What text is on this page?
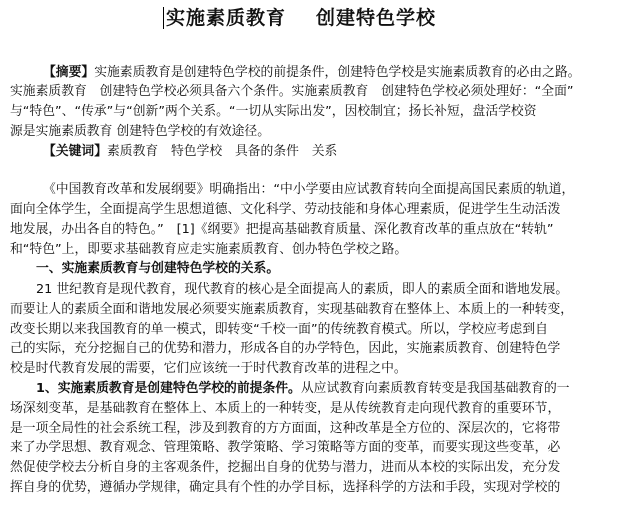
实施素质教育 创建特色学校

【摘要】实施素质教育是创建特色学校的前提条件，创建特色学校是实施素质教育的必由之路。

实施素质教育　创建特色学校必须具备六个条件。实施素质教育　创建特色学校必须处理好：“全面”

与“特色”、“传承”与“创新”两个关系。“一切从实际出发”，因校制宜；扬长补短，盘活学校资

源是实施素质教育 创建特色学校的有效途径。

【关键词】素质教育　特色学校　具备的条件　关系

《中国教育改革和发展纲要》明确指出：“中小学要由应试教育转向全面提高国民素质的轨道，

面向全体学生，全面提高学生思想道德、文化科学、劳动技能和身体心理素质，促进学生生动活泼

地发展，办出各自的特色。”　[1]《纲要》把提高基础教育质量、深化教育改革的重点放在“转轨”

和“特色”上，即要求基础教育应走实施素质教育、创办特色学校之路。

一、实施素质教育与创建特色学校的关系。

21 世纪教育是现代教育，现代教育的核心是全面提高人的素质，即人的素质全面和谐地发展。

而要让人的素质全面和谐地发展必须要实施素质教育，实现基础教育在整体上、本质上的一种转变，

改变长期以来我国教育的单一模式，即转变“千校一面”的传统教育模式。所以，学校应考虑到自

己的实际，充分挖掘自己的优势和潜力，形成各自的办学特色，因此，实施素质教育、创建特色学

校是时代教育发展的需要，它们应该统一于时代教育改革的进程之中。

1、实施素质教育是创建特色学校的前提条件。从应试教育向素质教育转变是我国基础教育的一

场深刻变革，是基础教育在整体上、本质上的一种转变，是从传统教育走向现代教育的重要环节，

是一项全局性的社会系统工程，涉及到教育的方方面面，这种改革是全方位的、深层次的，它将带

来了办学思想、教育观念、管理策略、教学策略、学习策略等方面的变革，而要实现这些变革，必

然促使学校去分析自身的主客观条件，挖掘出自身的优势与潜力，进而从本校的实际出发，充分发

挥自身的优势，遵循办学规律，确定具有个性的办学目标，选择科学的方法和手段，实现对学校的
